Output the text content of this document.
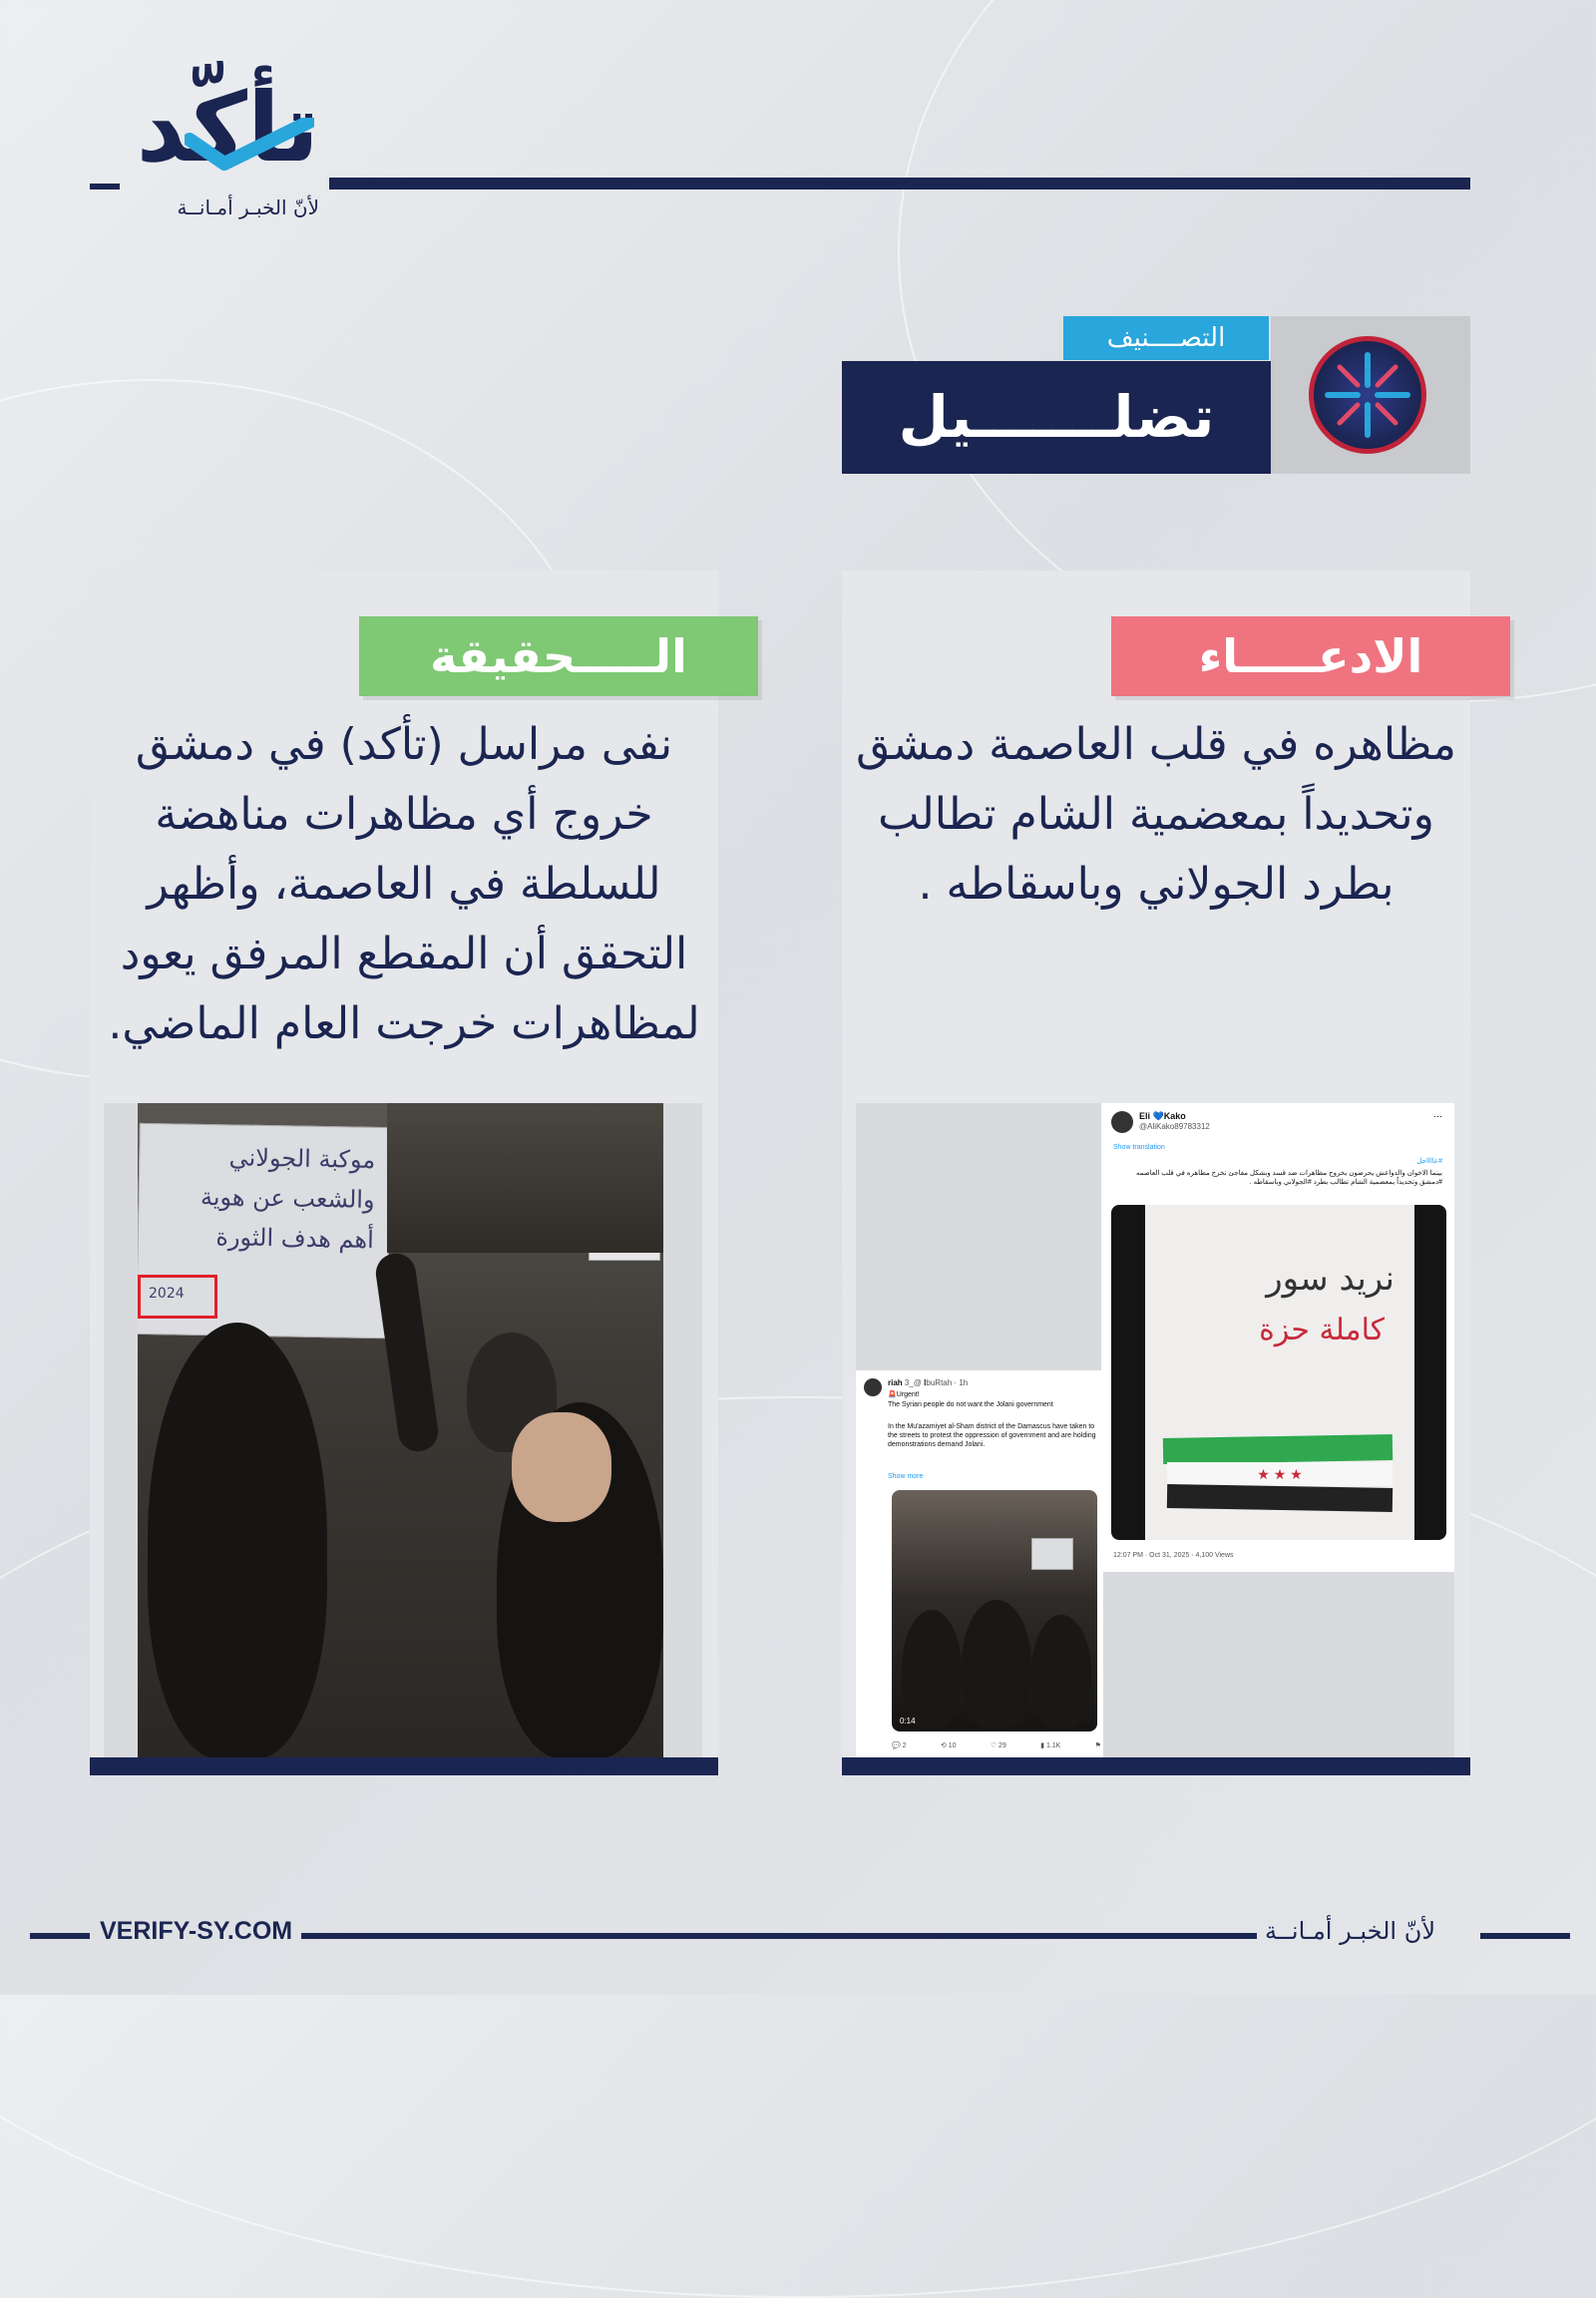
تأكّد
لأنّ الخبـر أمـانــة
التصــــنيف
تضلـــــــيل
الادعـــــاء
مظاهره في قلب العاصمة دمشق وتحديداً بمعضمية الشام تطالب بطرد الجولاني وباسقاطه .
Eli 💙Kako
@AliKako89783312
⋯
Show translation
#عااااجل
بينما الاخوان والدواعش يحرضون بخروج مظاهرات ضد قسد وبشكل مفاجئ تخرج مظاهره في قلب العاصمه #دمشق وتحديداً بمعضمية الشام تطالب بطرد #الجولاني وباسقاطه .
نريد سور
كاملة حزة
★ ★ ★
12:07 PM · Oct 31, 2025 · 4,100 Views
riah ا @_3buRtah · 1h
🚨Urgent!
The Syrian people do not want the Jolani government
In the Mu'azamiyet al-Sham district of the Damascus have taken to the streets to protest the oppression of government and are holding demonstrations demand Jolani.
Show more
0:14
💬 2	⟲ 10	♡ 29	▮ 1.1K	⚑
الـــــحقيقة
نفى مراسل (تأكد) في دمشق خروج أي مظاهرات مناهضة للسلطة في العاصمة، وأظهر التحقق أن المقطع المرفق يعود لمظاهرات خرجت العام الماضي.
موكبة الجولاني
والشعب عن هوية
أهم هدف الثورة
2024
VERIFY-SY.COM	لأنّ الخبـر أمـانــة
